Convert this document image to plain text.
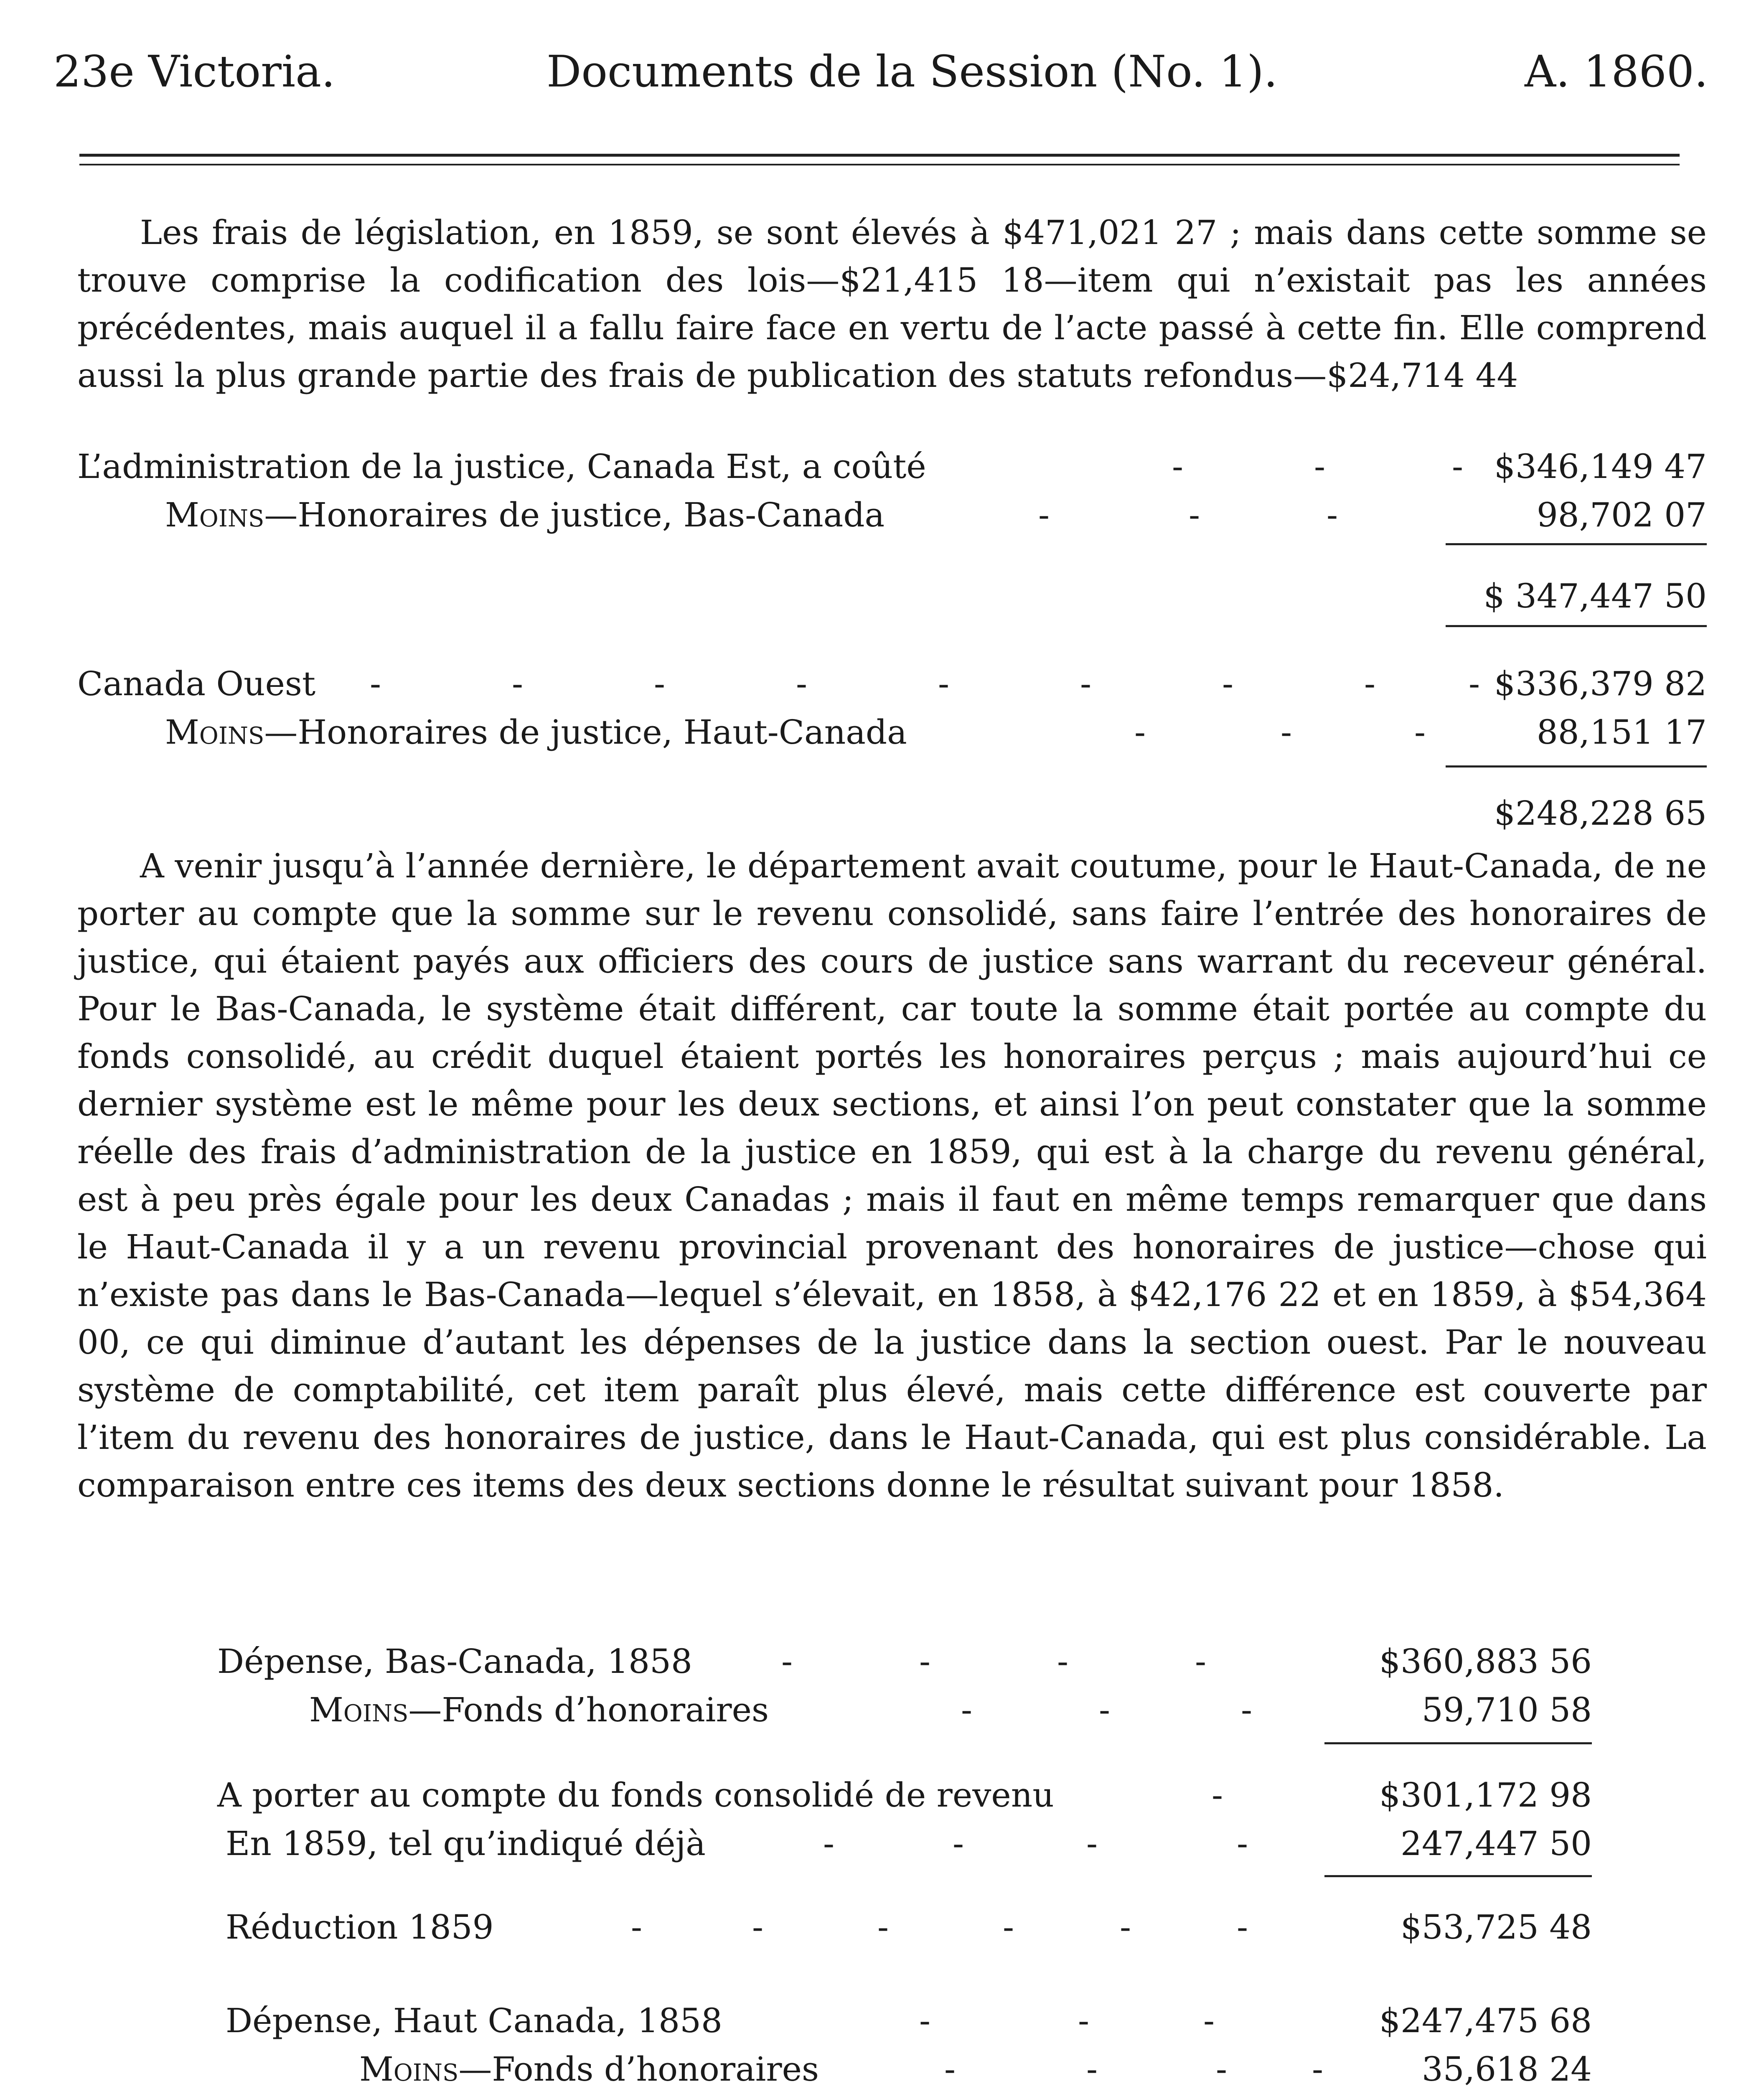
23e Victoria.	Documents de la Session (No. 1).	A. 1860.

Les frais de législation, en 1859, se sont élevés à $471,021 27 ; mais dans cette somme se trouve comprise la codification des lois—$21,415 18—item qui n’existait pas les années précédentes, mais auquel il a fallu faire face en vertu de l’acte passé à cette fin. Elle comprend aussi la plus grande partie des frais de publication des statuts refondus—$24,714 44

L’administration de la justice, Canada Est, a coûté	-	-	- $346,149 47
Moins—Honoraires de justice, Bas-Canada	-	-	-	98,702 07
$ 347,447 50
Canada Ouest -	-	-	-	-	-	-	-	- $336,379 82
Moins—Honoraires de justice, Haut-Canada	-	-	-	88,151 17
$248,228 65

A venir jusqu’à l’année dernière, le département avait coutume, pour le Haut-Canada, de ne porter au compte que la somme sur le revenu consolidé, sans faire l’entrée des honoraires de justice, qui étaient payés aux officiers des cours de justice sans warrant du receveur général. Pour le Bas-Canada, le système était différent, car toute la somme était portée au compte du fonds consolidé, au crédit duquel étaient portés les honoraires perçus ; mais aujourd’hui ce dernier système est le même pour les deux sections, et ainsi l’on peut constater que la somme réelle des frais d’administration de la justice en 1859, qui est à la charge du revenu général, est à peu près égale pour les deux Canadas ; mais il faut en même temps remarquer que dans le Haut-Canada il y a un revenu provincial provenant des honoraires de justice—chose qui n’existe pas dans le Bas-Canada—lequel s’élevait, en 1858, à $42,176 22 et en 1859, à $54,364 00, ce qui diminue d’autant les dépenses de la justice dans la section ouest. Par le nouveau système de comptabilité, cet item paraît plus élevé, mais cette différence est couverte par l’item du revenu des honoraires de justice, dans le Haut-Canada, qui est plus considérable. La comparaison entre ces items des deux sections donne le résultat suivant pour 1858.

Dépense, Bas-Canada, 1858	-	-	-	-	$360,883 56
Moins—Fonds d’honoraires	-	-	-	59,710 58
A porter au compte du fonds consolidé de revenu	-	$301,172 98
En 1859, tel qu’indiqué déjà	-	-	-	-	247,447 50
Réduction 1859	-	-	-	-	-	-	$53,725 48
Dépense, Haut Canada, 1858	-	-	-	$247,475 68
Moins—Fonds d’honoraires	-	-	-	-	35,618 24
